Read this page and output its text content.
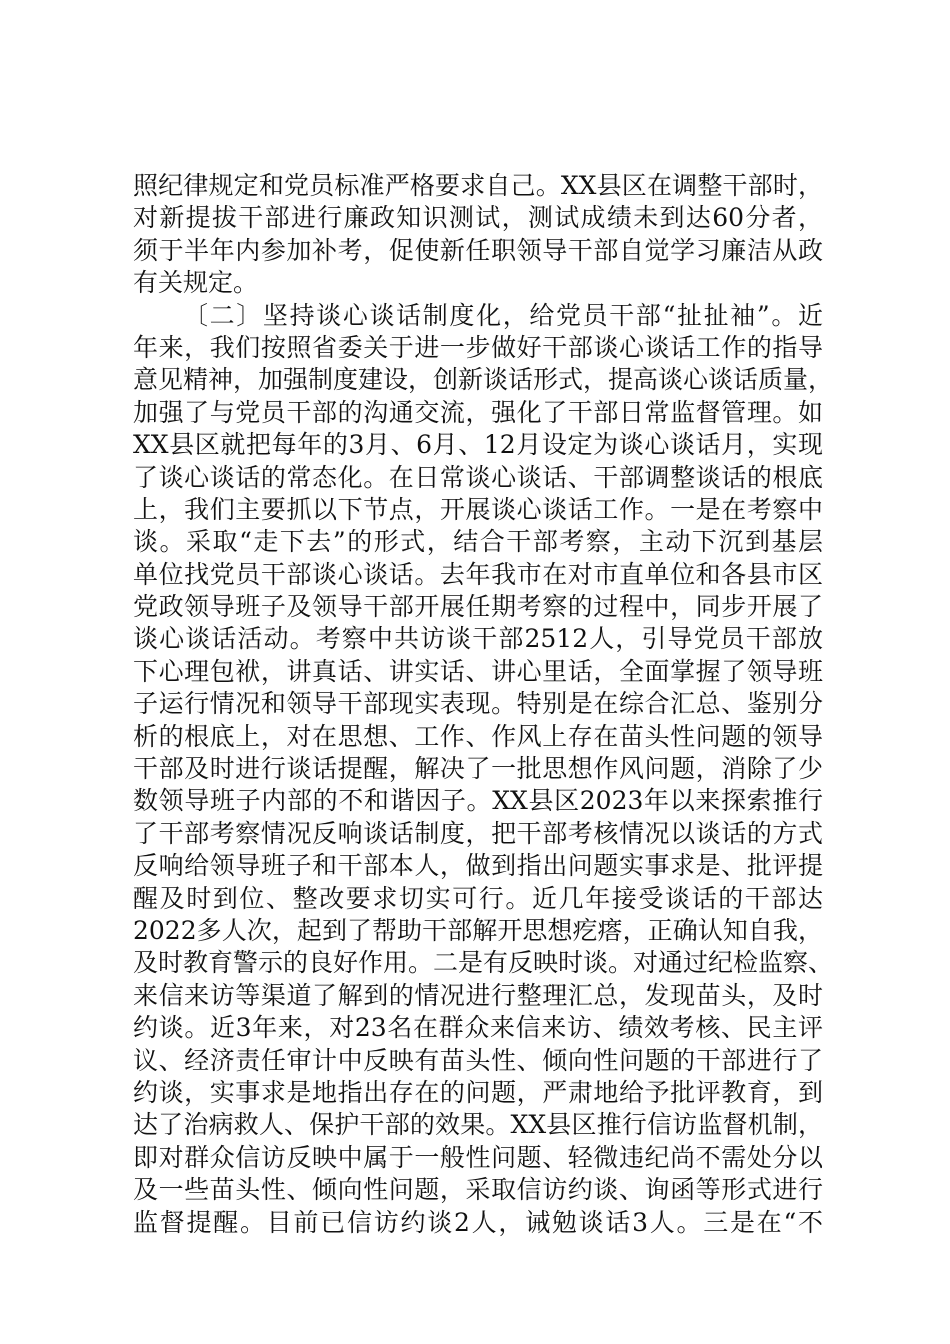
照纪律规定和党员标准严格要求自己。XX县区在调整干部时，
对新提拔干部进行廉政知识测试，测试成绩未到达60分者，
须于半年内参加补考，促使新任职领导干部自觉学习廉洁从政
有关规定。
〔二〕坚持谈心谈话制度化，给党员干部“扯扯袖”。近
年来，我们按照省委关于进一步做好干部谈心谈话工作的指导
意见精神，加强制度建设，创新谈话形式，提高谈心谈话质量，
加强了与党员干部的沟通交流，强化了干部日常监督管理。如
XX县区就把每年的3月、6月、12月设定为谈心谈话月，实现
了谈心谈话的常态化。在日常谈心谈话、干部调整谈话的根底
上，我们主要抓以下节点，开展谈心谈话工作。一是在考察中
谈。采取“走下去”的形式，结合干部考察，主动下沉到基层
单位找党员干部谈心谈话。去年我市在对市直单位和各县市区
党政领导班子及领导干部开展任期考察的过程中，同步开展了
谈心谈话活动。考察中共访谈干部2512人，引导党员干部放
下心理包袱，讲真话、讲实话、讲心里话，全面掌握了领导班
子运行情况和领导干部现实表现。特别是在综合汇总、鉴别分
析的根底上，对在思想、工作、作风上存在苗头性问题的领导
干部及时进行谈话提醒，解决了一批思想作风问题，消除了少
数领导班子内部的不和谐因子。XX县区2023年以来探索推行
了干部考察情况反响谈话制度，把干部考核情况以谈话的方式
反响给领导班子和干部本人，做到指出问题实事求是、批评提
醒及时到位、整改要求切实可行。近几年接受谈话的干部达
2022多人次，起到了帮助干部解开思想疙瘩，正确认知自我，
及时教育警示的良好作用。二是有反映时谈。对通过纪检监察、
来信来访等渠道了解到的情况进行整理汇总，发现苗头，及时
约谈。近3年来，对23名在群众来信来访、绩效考核、民主评
议、经济责任审计中反映有苗头性、倾向性问题的干部进行了
约谈，实事求是地指出存在的问题，严肃地给予批评教育，到
达了治病救人、保护干部的效果。XX县区推行信访监督机制，
即对群众信访反映中属于一般性问题、轻微违纪尚不需处分以
及一些苗头性、倾向性问题，采取信访约谈、询函等形式进行
监督提醒。目前已信访约谈2人，诫勉谈话3人。三是在“不
